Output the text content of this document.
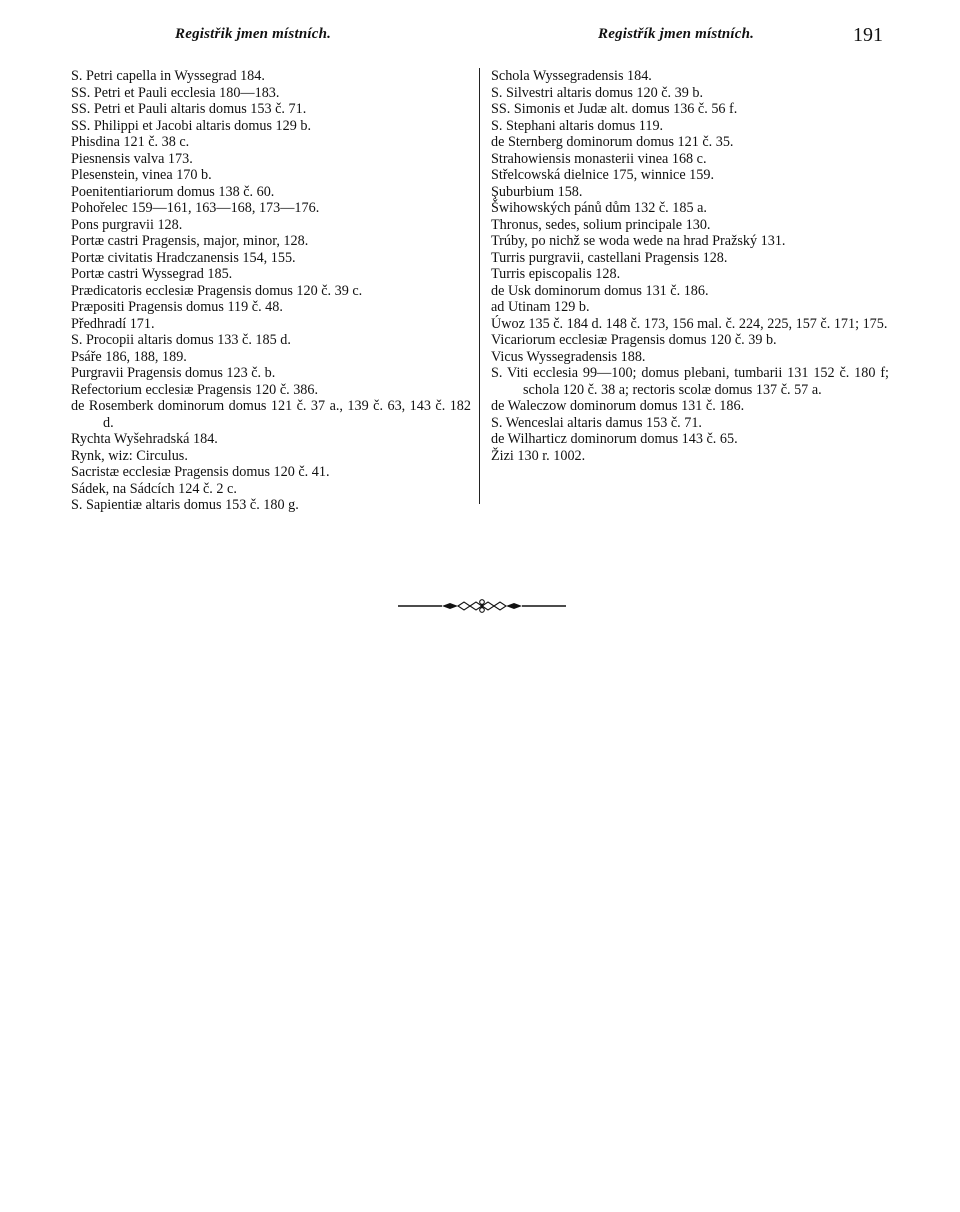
Registřik jmen místních.	Registřík jmen místních.	191
S. Petri capella in Wyssegrad 184.
SS. Petri et Pauli ecclesia 180—183.
SS. Petri et Pauli altaris domus 153 č. 71.
SS. Philippi et Jacobi altaris domus 129 b.
Phisdina 121 č. 38 c.
Piesnensis valva 173.
Plesenstein, vinea 170 b.
Poenitentiariorum domus 138 č. 60.
Pohořelec 159—161, 163—168, 173—176.
Pons purgravii 128.
Portæ castri Pragensis, major, minor, 128.
Portæ civitatis Hradczanensis 154, 155.
Portæ castri Wyssegrad 185.
Prædicatoris ecclesiæ Pragensis domus 120 č. 39 c.
Præpositi Pragensis domus 119 č. 48.
Předhradí 171.
S. Procopii altaris domus 133 č. 185 d.
Psáře 186, 188, 189.
Purgravii Pragensis domus 123 č. b.
Refectorium ecclesiæ Pragensis 120 č. 386.
de Rosemberk dominorum domus 121 č. 37 a., 139 č. 63, 143 č. 182 d.
Rychta Wyšehradská 184.
Rynk, wiz: Circulus.
Sacristæ ecclesiæ Pragensis domus 120 č. 41.
Sádek, na Sádcích 124 č. 2 c.
S. Sapientiæ altaris domus 153 č. 180 g.
Schola Wyssegradensis 184.
S. Silvestri altaris domus 120 č. 39 b.
SS. Simonis et Judæ alt. domus 136 č. 56 f.
S. Stephani altaris domus 119.
de Sternberg dominorum domus 121 č. 35.
Strahowiensis monasterii vinea 168 c.
Střelcowská dielnice 175, winnice 159.
Şuburbium 158.
Šwihowských pánů dům 132 č. 185 a.
Thronus, sedes, solium principale 130.
Trúby, po nichž se woda wede na hrad Pražský 131.
Turris purgravii, castellani Pragensis 128.
Turris episcopalis 128.
de Usk dominorum domus 131 č. 186.
ad Utinam 129 b.
Úwoz 135 č. 184 d. 148 č. 173, 156 mal. č. 224, 225, 157 č. 171; 175.
Vicariorum ecclesiæ Pragensis domus 120 č. 39 b.
Vicus Wyssegradensis 188.
S. Viti ecclesia 99—100; domus plebani, tumbarii 131 152 č. 180 f; schola 120 č. 38 a; rectoris scolæ domus 137 č. 57 a.
de Waleczow dominorum domus 131 č. 186.
S. Wenceslai altaris damus 153 č. 71.
de Wilharticz dominorum domus 143 č. 65.
Žizi 130 r. 1002.
